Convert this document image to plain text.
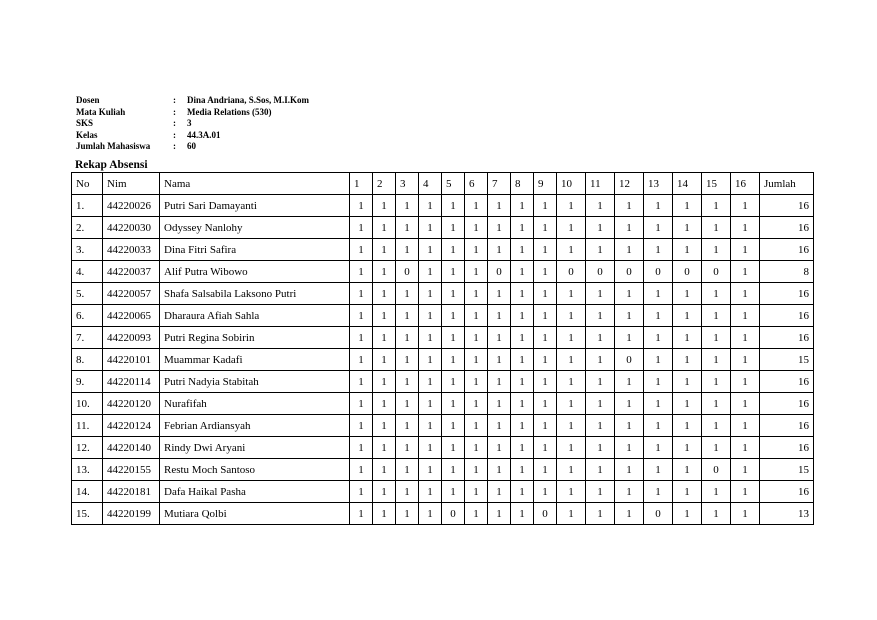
Dosen	:	Dina Andriana, S.Sos, M.I.Kom
Mata Kuliah	:	Media Relations (530)
SKS	:	3
Kelas	:	44.3A.01
Jumlah Mahasiswa	:	60
Rekap Absensi
No	Nim	Nama	1	2	3	4	5	6	7	8	9	10	11	12	13	14	15	16	Jumlah
1.	44220026	Putri Sari Damayanti	1	1	1	1	1	1	1	1	1	1	1	1	1	1	1	1	16
2.	44220030	Odyssey Nanlohy	1	1	1	1	1	1	1	1	1	1	1	1	1	1	1	1	16
3.	44220033	Dina Fitri Safira	1	1	1	1	1	1	1	1	1	1	1	1	1	1	1	1	16
4.	44220037	Alif Putra Wibowo	1	1	0	1	1	1	0	1	1	0	0	0	0	0	0	1	8
5.	44220057	Shafa Salsabila Laksono Putri	1	1	1	1	1	1	1	1	1	1	1	1	1	1	1	1	16
6.	44220065	Dharaura Afiah Sahla	1	1	1	1	1	1	1	1	1	1	1	1	1	1	1	1	16
7.	44220093	Putri Regina Sobirin	1	1	1	1	1	1	1	1	1	1	1	1	1	1	1	1	16
8.	44220101	Muammar Kadafi	1	1	1	1	1	1	1	1	1	1	1	0	1	1	1	1	15
9.	44220114	Putri Nadyia Stabitah	1	1	1	1	1	1	1	1	1	1	1	1	1	1	1	1	16
10.	44220120	Nurafifah	1	1	1	1	1	1	1	1	1	1	1	1	1	1	1	1	16
11.	44220124	Febrian Ardiansyah	1	1	1	1	1	1	1	1	1	1	1	1	1	1	1	1	16
12.	44220140	Rindy Dwi Aryani	1	1	1	1	1	1	1	1	1	1	1	1	1	1	1	1	16
13.	44220155	Restu Moch Santoso	1	1	1	1	1	1	1	1	1	1	1	1	1	1	0	1	15
14.	44220181	Dafa Haikal Pasha	1	1	1	1	1	1	1	1	1	1	1	1	1	1	1	1	16
15.	44220199	Mutiara Qolbi	1	1	1	1	0	1	1	1	0	1	1	1	0	1	1	1	13
